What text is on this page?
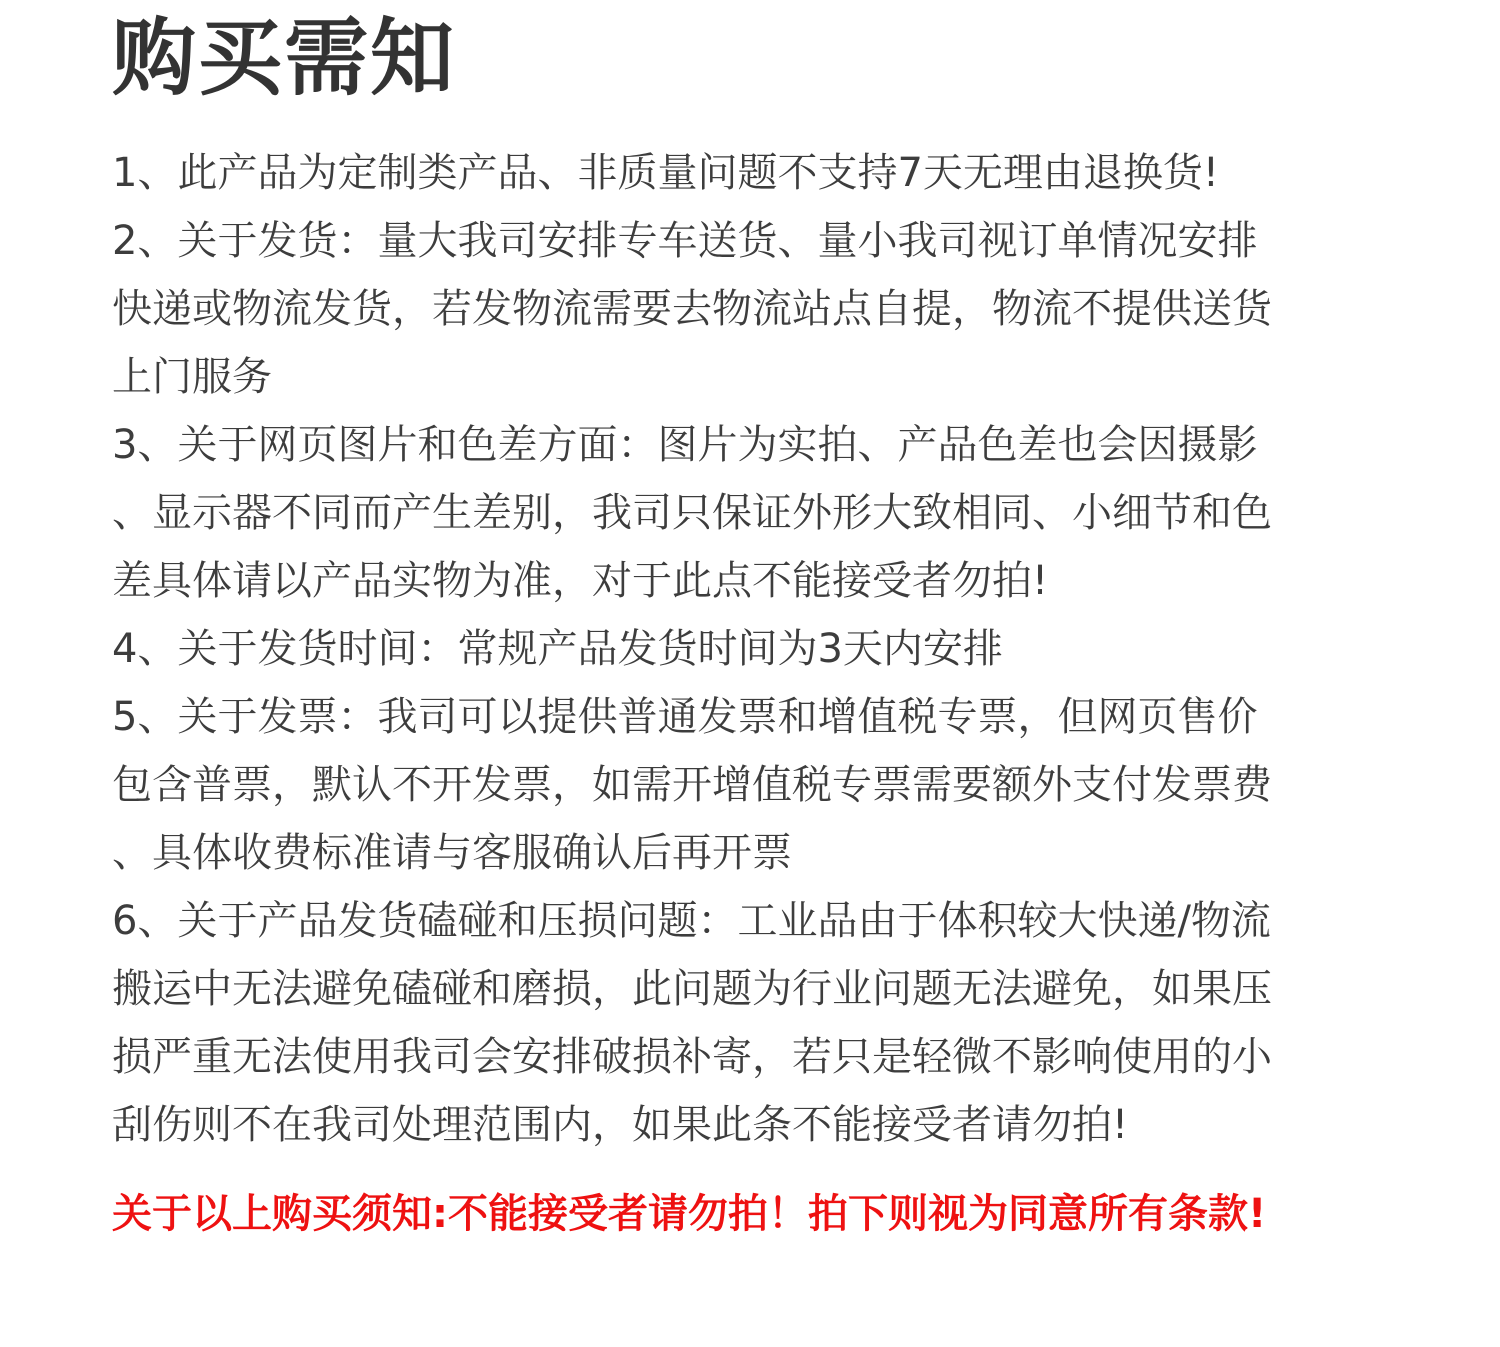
购买需知
1、此产品为定制类产品、非质量问题不支持7天无理由退换货!
2、关于发货：量大我司安排专车送货、量小我司视订单情况安排
快递或物流发货，若发物流需要去物流站点自提，物流不提供送货
上门服务
3、关于网页图片和色差方面：图片为实拍、产品色差也会因摄影
、显示器不同而产生差别，我司只保证外形大致相同、小细节和色
差具体请以产品实物为准，对于此点不能接受者勿拍!
4、关于发货时间：常规产品发货时间为3天内安排
5、关于发票：我司可以提供普通发票和增值税专票，但网页售价
包含普票，默认不开发票，如需开增值税专票需要额外支付发票费
、具体收费标准请与客服确认后再开票
6、关于产品发货磕碰和压损问题：工业品由于体积较大快递/物流
搬运中无法避免磕碰和磨损，此问题为行业问题无法避免，如果压
损严重无法使用我司会安排破损补寄，若只是轻微不影响使用的小
刮伤则不在我司处理范围内，如果此条不能接受者请勿拍!
关于以上购买须知:不能接受者请勿拍！拍下则视为同意所有条款!
